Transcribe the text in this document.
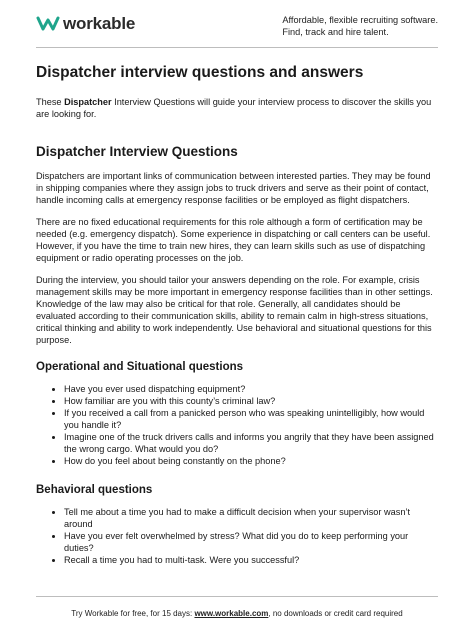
workable	Affordable, flexible recruiting software.
Find, track and hire talent.
Dispatcher interview questions and answers

These Dispatcher Interview Questions will guide your interview process to discover the skills you are looking for.

Dispatcher Interview Questions

Dispatchers are important links of communication between interested parties. They may be found in shipping companies where they assign jobs to truck drivers and serve as their point of contact, handle incoming calls at emergency response facilities or be employed as flight dispatchers.

There are no fixed educational requirements for this role although a form of certification may be needed (e.g. emergency dispatch). Some experience in dispatching or call centers can be useful. However, if you have the time to train new hires, they can learn skills such as use of dispatching equipment or radio operating processes on the job.

During the interview, you should tailor your answers depending on the role. For example, crisis management skills may be more important in emergency response facilities than in other settings. Knowledge of the law may also be critical for that role. Generally, all candidates should be evaluated according to their communication skills, ability to remain calm in high-stress situations, critical thinking and ability to work independently. Use behavioral and situational questions for this purpose.

Operational and Situational questions
• Have you ever used dispatching equipment?
• How familiar are you with this county’s criminal law?
• If you received a call from a panicked person who was speaking unintelligibly, how would you handle it?
• Imagine one of the truck drivers calls and informs you angrily that they have been assigned the wrong cargo. What would you do?
• How do you feel about being constantly on the phone?
Behavioral questions
• Tell me about a time you had to make a difficult decision when your supervisor wasn’t around
• Have you ever felt overwhelmed by stress? What did you do to keep performing your duties?
• Recall a time you had to multi-task. Were you successful?
Try Workable for free, for 15 days: www.workable.com, no downloads or credit card required
